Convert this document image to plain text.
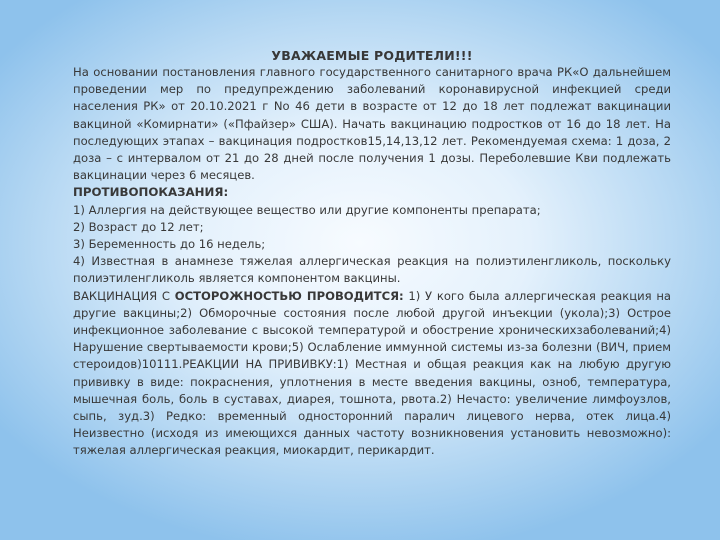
УВАЖАЕМЫЕ РОДИТЕЛИ!!!

На основании постановления главного государственного санитарного врача РК«О дальнейшем проведении мер по предупреждению заболеваний коронавирусной инфекцией среди населения РК» от 20.10.2021 г No 46 дети в возрасте от 12 до 18 лет подлежат вакцинации вакциной «Комирнати» («Пфайзер» США). Начать вакцинацию подростков от 16 до 18 лет. На последующих этапах – вакцинация подростков15,14,13,12 лет. Рекомендуемая схема: 1 доза, 2 доза – с интервалом от 21 до 28 дней после получения 1 дозы. Переболевшие Кви подлежать вакцинации через 6 месяцев.

ПРОТИВОПОКАЗАНИЯ:

1) Аллергия на действующее вещество или другие компоненты препарата;

2) Возраст до 12 лет;

3) Беременность до 16 недель;

4) Известная в анамнезе тяжелая аллергическая реакция на полиэтиленгликоль, поскольку полиэтиленгликоль является компонентом вакцины.

ВАКЦИНАЦИЯ С ОСТОРОЖНОСТЬЮ ПРОВОДИТСЯ: 1) У кого была аллергическая реакция на другие вакцины;2) Обморочные состояния после любой другой инъекции (укола);3) Острое инфекционное заболевание с высокой температурой и обострение хроническихзаболеваний;4) Нарушение свертываемости крови;5) Ослабление иммунной системы из-за болезни (ВИЧ, прием стероидов)10111.РЕАКЦИИ НА ПРИВИВКУ:1) Местная и общая реакция как на любую другую прививку в виде: покраснения, уплотнения в месте введения вакцины, озноб, температура, мышечная боль, боль в суставах, диарея, тошнота, рвота.2) Нечасто: увеличение лимфоузлов, сыпь, зуд.3) Редко: временный односторонний паралич лицевого нерва, отек лица.4) Неизвестно (исходя из имеющихся данных частоту возникновения установить невозможно): тяжелая аллергическая реакция, миокардит, перикардит.
